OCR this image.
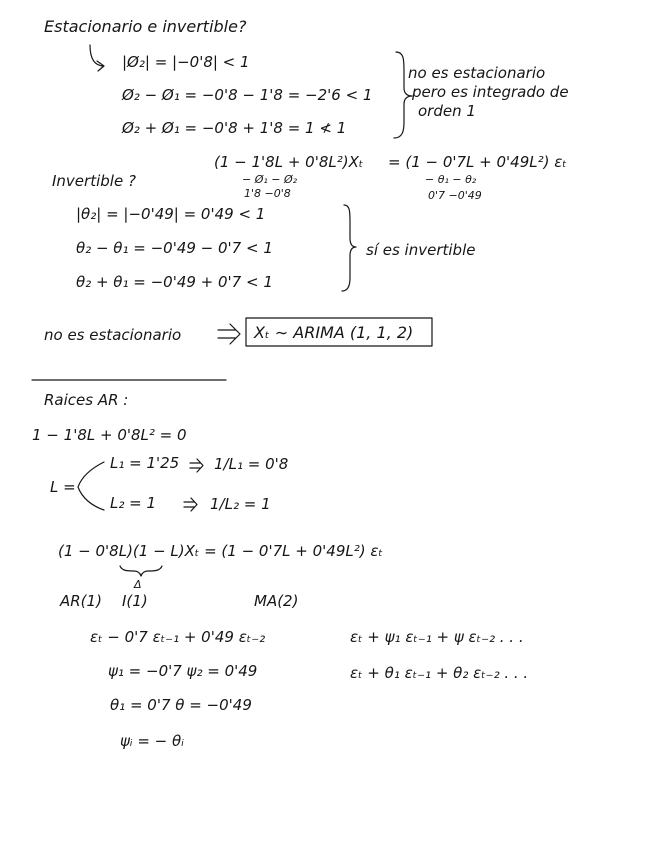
Estacionario e invertible?
|Ø₂| = |−0'8| < 1
Ø₂ − Ø₁ = −0'8 − 1'8 = −2'6 < 1
Ø₂ + Ø₁ = −0'8 + 1'8 = 1 ≮ 1
no es estacionario
pero es integrado de
orden 1
(1 − 1'8L + 0'8L²)Xₜ = (1 − 0'7L + 0'49L²) εₜ
− Ø₁ − Ø₂
1'8 −0'8
− θ₁ − θ₂
0'7 −0'49
Invertible ?
|θ₂| = |−0'49| = 0'49 < 1
θ₂ − θ₁ = −0'49 − 0'7 < 1
θ₂ + θ₁ = −0'49 + 0'7 < 1
sí es invertible
no es estacionario	Xₜ ∼ ARIMA (1, 1, 2)
Raices AR :
1 − 1'8L + 0'8L² = 0
L =
L₁ = 1'25 1/L₁ = 0'8
L₂ = 1	1/L₂ = 1
(1 − 0'8L)(1 − L)Xₜ = (1 − 0'7L + 0'49L²) εₜ
Δ
AR(1) I(1)	MA(2)
εₜ − 0'7 εₜ₋₁ + 0'49 εₜ₋₂	εₜ + ψ₁ εₜ₋₁ + ψ εₜ₋₂ . . .
ψ₁ = −0'7 ψ₂ = 0'49	εₜ + θ₁ εₜ₋₁ + θ₂ εₜ₋₂ . . .
θ₁ = 0'7 θ = −0'49
ψᵢ = − θᵢ
